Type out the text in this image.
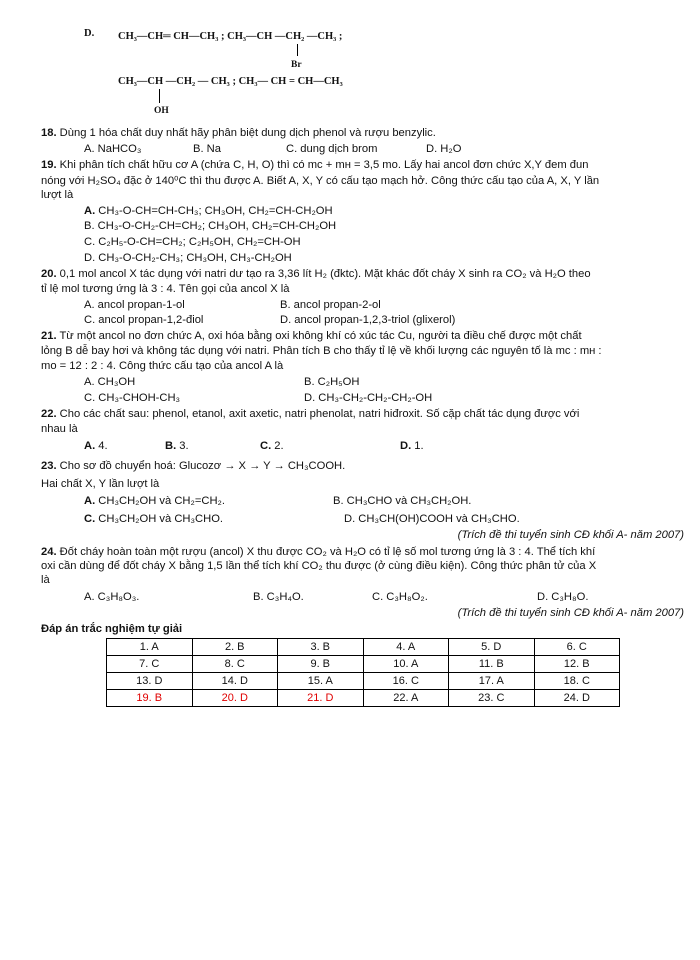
D. CH₃—CH═ CH—CH₃ ; CH₃—CH —CH₂ —CH₃ ;
Br
CH₃—CH —CH₂ — CH₃ ; CH₃— CH = CH—CH₃
OH
18. Dùng 1 hóa chất duy nhất hãy phân biệt dung dịch phenol và rượu benzylic.
A. NaHCO₃	B. Na	C. dung dịch brom	D. H₂O
19. Khi phân tích chất hữu cơ A (chứa C, H, O) thì có mᴄ + mʜ = 3,5 mᴏ. Lấy hai ancol đơn chức X,Y đem đun
nóng với H₂SO₄ đặc ở 140⁰C thì thu được A. Biết A, X, Y có cấu tạo mạch hở. Công thức cấu tạo của A, X, Y lần
lượt là
A. CH₃-O-CH=CH-CH₃; CH₃OH, CH₂=CH-CH₂OH
B. CH₃-O-CH₂-CH=CH₂; CH₃OH, CH₂=CH-CH₂OH
C. C₂H₅-O-CH=CH₂; C₂H₅OH, CH₂=CH-OH
D. CH₃-O-CH₂-CH₃; CH₃OH, CH₃-CH₂OH
20. 0,1 mol ancol X tác dụng với natri dư tạo ra 3,36 lít H₂ (đktc). Mặt khác đốt cháy X sinh ra CO₂ và H₂O theo
tỉ lệ mol tương ứng là 3 : 4. Tên gọi của ancol X là
A. ancol propan-1-ol	B. ancol propan-2-ol
C. ancol propan-1,2-điol	D. ancol propan-1,2,3-triol (glixerol)
21. Từ một ancol no đơn chức A, oxi hóa bằng oxi không khí có xúc tác Cu, người ta điều chế được một chất
lỏng B dễ bay hơi và không tác dụng với natri. Phân tích B cho thấy tỉ lệ về khối lượng các nguyên tố là mᴄ : mʜ :
mᴏ = 12 : 2 : 4. Công thức cấu tạo của ancol A là
A. CH₃OH	B. C₂H₅OH
C. CH₃-CHOH-CH₃	D. CH₃-CH₂-CH₂-CH₂-OH
22. Cho các chất sau: phenol, etanol, axit axetic, natri phenolat, natri hiđroxit. Số cặp chất tác dụng được với
nhau là
A. 4.	B. 3.	C. 2.	D. 1.
23. Cho sơ đồ chuyển hoá: Glucozơ → X → Y → CH₃COOH.
Hai chất X, Y lần lượt là
A. CH₃CH₂OH và CH₂=CH₂.	B. CH₃CHO và CH₃CH₂OH.
C. CH₃CH₂OH và CH₃CHO.	D. CH₃CH(OH)COOH và CH₃CHO.
(Trích đề thi tuyển sinh CĐ khối A- năm 2007)
24. Đốt cháy hoàn toàn một rượu (ancol) X thu được CO₂ và H₂O có tỉ lệ số mol tương ứng là 3 : 4. Thể tích khí
oxi cần dùng để đốt cháy X bằng 1,5 lần thể tích khí CO₂ thu được (ở cùng điều kiện). Công thức phân tử của X
là
A. C₃H₈O₃.	B. C₃H₄O.	C. C₃H₈O₂.	D. C₃H₈O.
(Trích đề thi tuyển sinh CĐ khối A- năm 2007)
Đáp án trắc nghiệm tự giải
1. A	2. B	3. B	4. A	5. D	6. C
7. C	8. C	9. B	10. A	11. B	12. B
13. D	14. D	15. A	16. C	17. A	18. C
19. B	20. D	21. D	22. A	23. C	24. D
